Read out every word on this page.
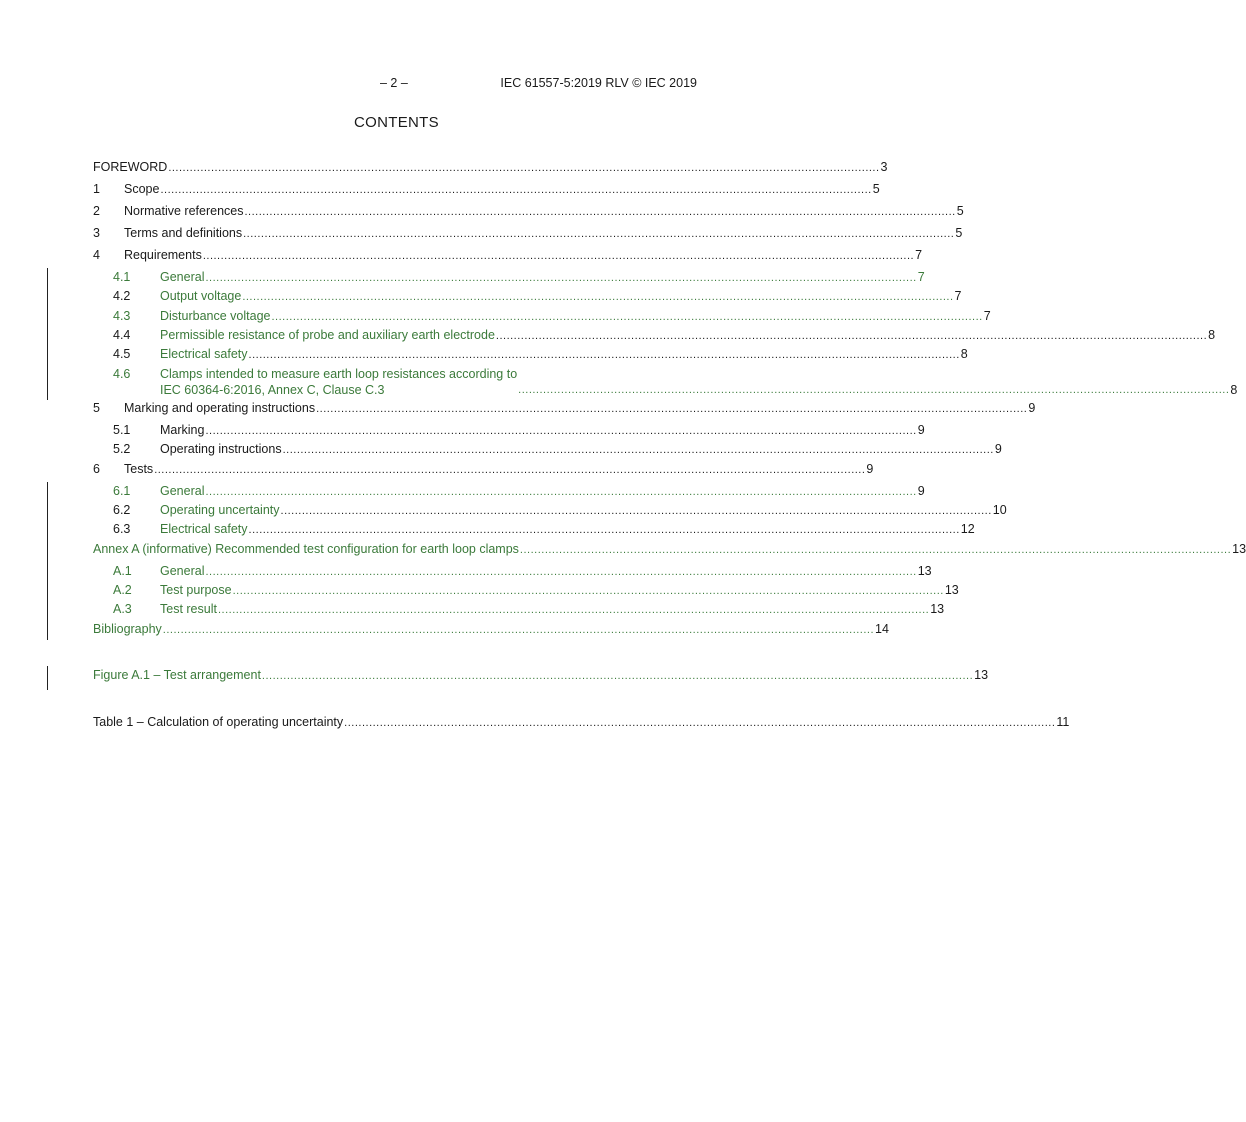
– 2 –	IEC 61557-5:2019 RLV © IEC 2019
CONTENTS
FOREWORD ........................................................................................................................................................................................................ 3
1	Scope ........................................................................................................................................................................................................ 5
2	Normative references ........................................................................................................................................................................................................ 5
3	Terms and definitions ........................................................................................................................................................................................................ 5
4	Requirements ........................................................................................................................................................................................................ 7
4.1	General ........................................................................................................................................................................................................ 7
4.2	Output voltage ........................................................................................................................................................................................................ 7
4.3	Disturbance voltage ........................................................................................................................................................................................................ 7
4.4	Permissible resistance of probe and auxiliary earth electrode ........................................................................................................................................................................................................ 8
4.5	Electrical safety ........................................................................................................................................................................................................ 8
4.6	Clamps intended to measure earth loop resistances according to
IEC 60364-6:2016, Annex C, Clause C.3	........................................................................................................................................................................................................ 8
5	Marking and operating instructions ........................................................................................................................................................................................................ 9
5.1	Marking ........................................................................................................................................................................................................ 9
5.2	Operating instructions ........................................................................................................................................................................................................ 9
6	Tests ........................................................................................................................................................................................................ 9
6.1	General ........................................................................................................................................................................................................ 9
6.2	Operating uncertainty ........................................................................................................................................................................................................ 10
6.3	Electrical safety ........................................................................................................................................................................................................ 12
Annex A (informative) Recommended test configuration for earth loop clamps ........................................................................................................................................................................................................ 13
A.1	General ........................................................................................................................................................................................................ 13
A.2	Test purpose ........................................................................................................................................................................................................ 13
A.3	Test result ........................................................................................................................................................................................................ 13
Bibliography ........................................................................................................................................................................................................ 14
Figure A.1 – Test arrangement ........................................................................................................................................................................................................ 13
Table 1 – Calculation of operating uncertainty ........................................................................................................................................................................................................ 11
